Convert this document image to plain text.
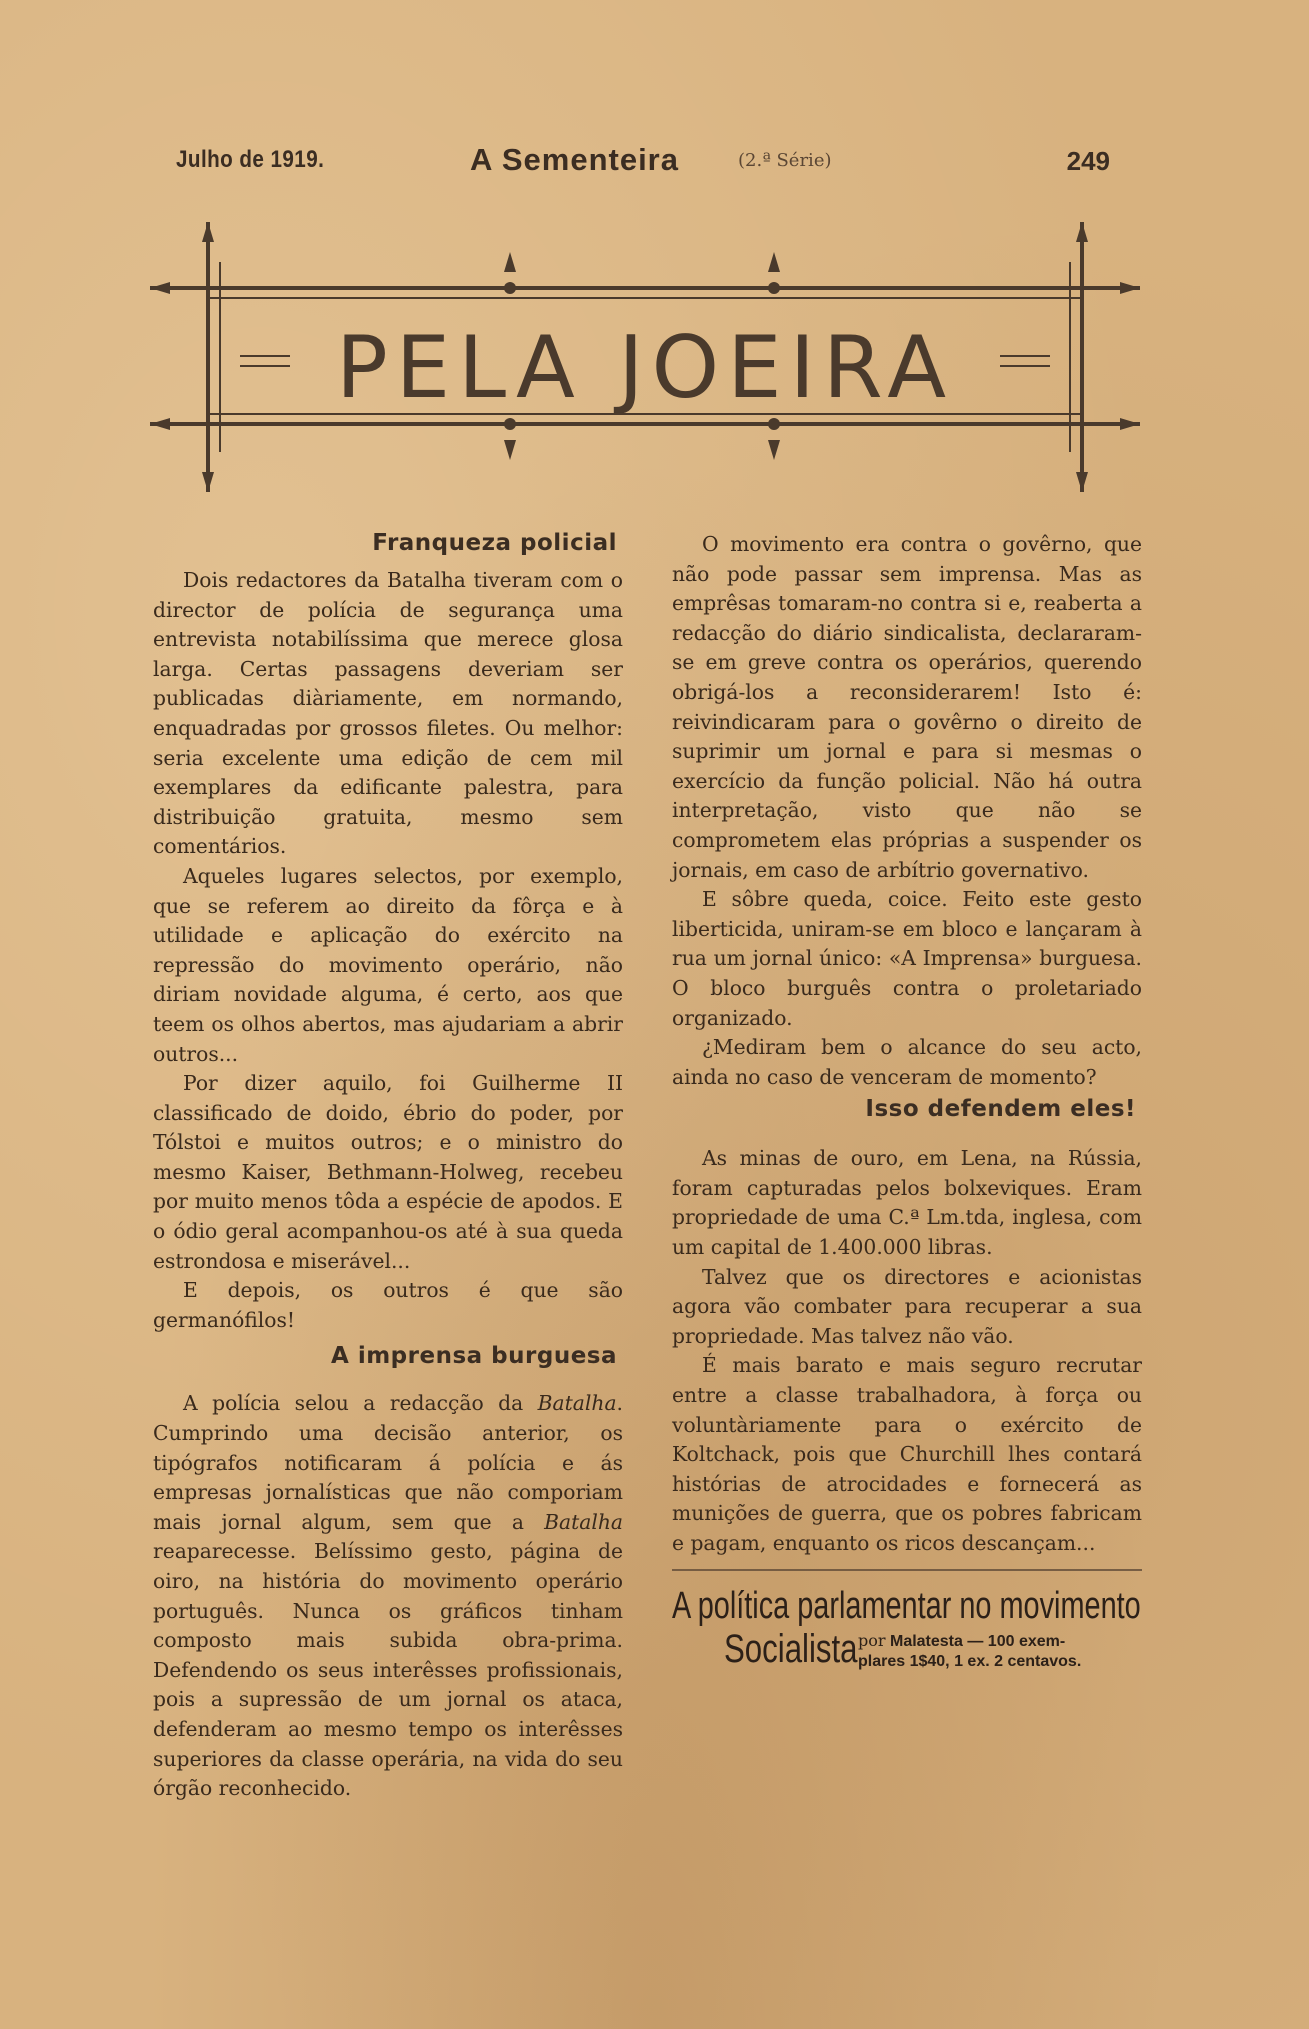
Julho de 1919.	A Sementeira	(2.ª Série)	249
PELA JOEIRA
Franqueza policial

Dois redactores da Batalha tiveram com o director de polícia de segurança uma entrevista notabilíssima que merece glosa larga. Certas passagens deveriam ser publicadas diàriamente, em normando, enquadradas por grossos filetes. Ou melhor: seria excelente uma edição de cem mil exemplares da edificante palestra, para distribuição gratuita, mesmo sem comentários.

Aqueles lugares selectos, por exemplo, que se referem ao direito da fôrça e à utilidade e aplicação do exército na repressão do movimento operário, não diriam novidade alguma, é certo, aos que teem os olhos abertos, mas ajudariam a abrir outros...

Por dizer aquilo, foi Guilherme II classificado de doido, ébrio do poder, por Tólstoi e muitos outros; e o ministro do mesmo Kaiser, Bethmann-Holweg, recebeu por muito menos tôda a espécie de apodos. E o ódio geral acompanhou-os até à sua queda estrondosa e miserável...

E depois, os outros é que são germanófilos!

A imprensa burguesa

A polícia selou a redacção da Batalha. Cumprindo uma decisão anterior, os tipógrafos notificaram á polícia e ás empresas jornalísticas que não comporiam mais jornal algum, sem que a Batalha reaparecesse. Belíssimo gesto, página de oiro, na história do movimento operário português. Nunca os gráficos tinham composto mais subida obra-prima. Defendendo os seus interêsses profissionais, pois a supressão de um jornal os ataca, defenderam ao mesmo tempo os interêsses superiores da classe operária, na vida do seu órgão reconhecido.

O movimento era contra o govêrno, que não pode passar sem imprensa. Mas as emprêsas tomaram-no contra si e, reaberta a redacção do diário sindicalista, declararam-se em greve contra os operários, querendo obrigá-los a reconsiderarem! Isto é: reivindicaram para o govêrno o direito de suprimir um jornal e para si mesmas o exercício da função policial. Não há outra interpretação, visto que não se comprometem elas próprias a suspender os jornais, em caso de arbítrio governativo.

E sôbre queda, coice. Feito este gesto liberticida, uniram-se em bloco e lançaram à rua um jornal único: «A Imprensa» burguesa. O bloco burguês contra o proletariado organizado.

¿Mediram bem o alcance do seu acto, ainda no caso de venceram de momento?

Isso defendem eles!

As minas de ouro, em Lena, na Rússia, foram capturadas pelos bolxeviques. Eram propriedade de uma C.ª Lm.tda, inglesa, com um capital de 1.400.000 libras.

Talvez que os directores e acionistas agora vão combater para recuperar a sua propriedade. Mas talvez não vão.

É mais barato e mais seguro recrutar entre a classe trabalhadora, à força ou voluntàriamente para o exército de Koltchack, pois que Churchill lhes contará histórias de atrocidades e fornecerá as munições de guerra, que os pobres fabricam e pagam, enquanto os ricos descançam...

A política parlamentar no movimento
Socialista por Malatesta — 100 exem-
plares 1$40, 1 ex. 2 centavos.
